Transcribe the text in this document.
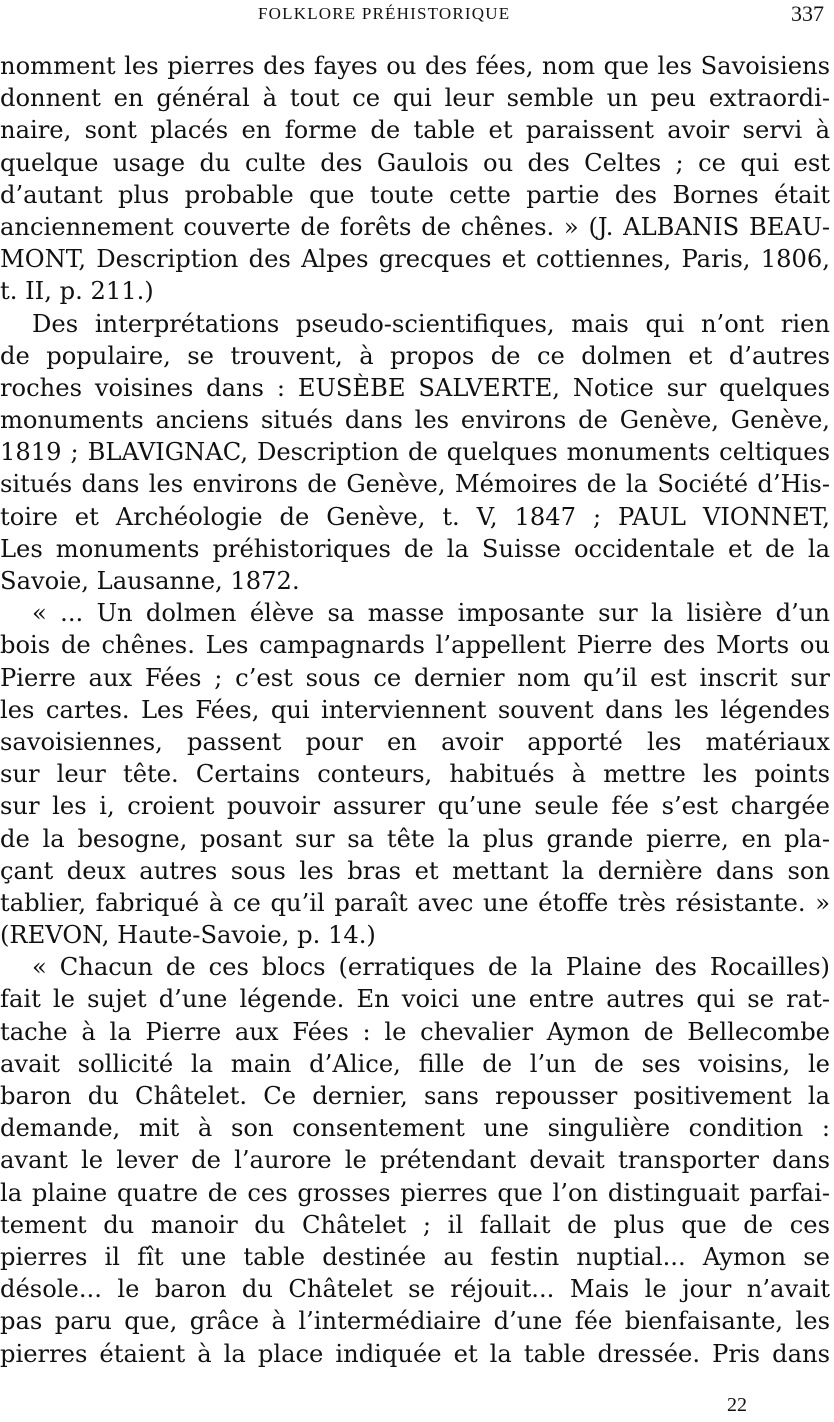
FOLKLORE PRÉHISTORIQUE	337
nomment les pierres des fayes ou des fées, nom que les Savoisiens
donnent en général à tout ce qui leur semble un peu extraordi-
naire, sont placés en forme de table et paraissent avoir servi à
quelque usage du culte des Gaulois ou des Celtes ; ce qui est
d’autant plus probable que toute cette partie des Bornes était
anciennement couverte de forêts de chênes. » (J. ALBANIS BEAU-
MONT, Description des Alpes grecques et cottiennes, Paris, 1806,
t. II, p. 211.)
Des interprétations pseudo-scientifiques, mais qui n’ont rien
de populaire, se trouvent, à propos de ce dolmen et d’autres
roches voisines dans : EUSÈBE SALVERTE, Notice sur quelques
monuments anciens situés dans les environs de Genève, Genève,
1819 ; BLAVIGNAC, Description de quelques monuments celtiques
situés dans les environs de Genève, Mémoires de la Société d’His-
toire et Archéologie de Genève, t. V, 1847 ; PAUL VIONNET,
Les monuments préhistoriques de la Suisse occidentale et de la
Savoie, Lausanne, 1872.
« ... Un dolmen élève sa masse imposante sur la lisière d’un
bois de chênes. Les campagnards l’appellent Pierre des Morts ou
Pierre aux Fées ; c’est sous ce dernier nom qu’il est inscrit sur
les cartes. Les Fées, qui interviennent souvent dans les légendes
savoisiennes, passent pour en avoir apporté les matériaux
sur leur tête. Certains conteurs, habitués à mettre les points
sur les i, croient pouvoir assurer qu’une seule fée s’est chargée
de la besogne, posant sur sa tête la plus grande pierre, en pla-
çant deux autres sous les bras et mettant la dernière dans son
tablier, fabriqué à ce qu’il paraît avec une étoffe très résistante. »
(REVON, Haute-Savoie, p. 14.)
« Chacun de ces blocs (erratiques de la Plaine des Rocailles)
fait le sujet d’une légende. En voici une entre autres qui se rat-
tache à la Pierre aux Fées : le chevalier Aymon de Bellecombe
avait sollicité la main d’Alice, fille de l’un de ses voisins, le
baron du Châtelet. Ce dernier, sans repousser positivement la
demande, mit à son consentement une singulière condition :
avant le lever de l’aurore le prétendant devait transporter dans
la plaine quatre de ces grosses pierres que l’on distinguait parfai-
tement du manoir du Châtelet ; il fallait de plus que de ces
pierres il fît une table destinée au festin nuptial... Aymon se
désole... le baron du Châtelet se réjouit... Mais le jour n’avait
pas paru que, grâce à l’intermédiaire d’une fée bienfaisante, les
pierres étaient à la place indiquée et la table dressée. Pris dans
22
